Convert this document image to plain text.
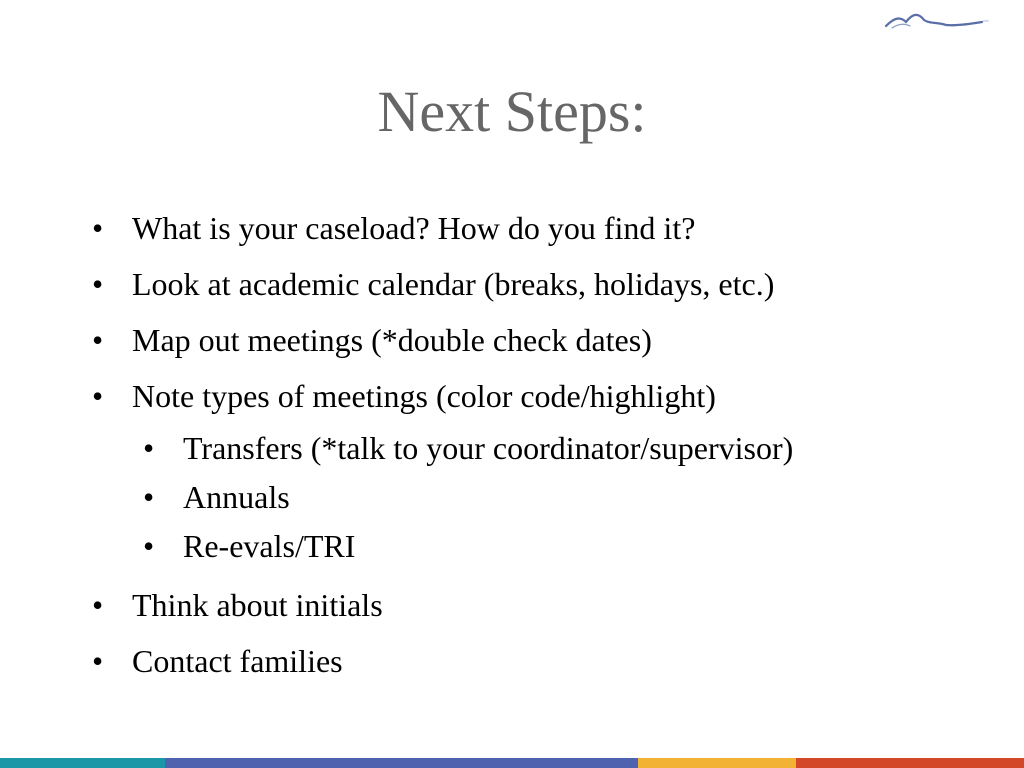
***
Next Steps:
• What is your caseload? How do you find it?
• Look at academic calendar (breaks, holidays, etc.)
• Map out meetings (*double check dates)
• Note types of meetings (color code/highlight)
• Transfers (*talk to your coordinator/supervisor)
• Annuals
• Re-evals/TRI
• Think about initials
• Contact families
